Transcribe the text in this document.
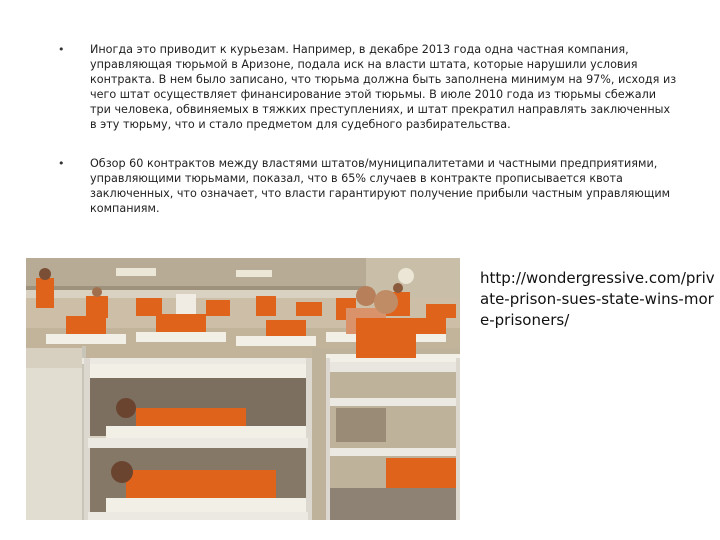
•	Иногда это приводит к курьезам. Например, в декабре 2013 года одна частная компания, управляющая тюрьмой в Аризоне, подала иск на власти штата, которые нарушили условия контракта. В нем было записано, что тюрьма должна быть заполнена минимум на 97%, исходя из чего штат осуществляет финансирование этой тюрьмы. В июле 2010 года из тюрьмы сбежали три человека, обвиняемых в тяжких преступлениях, и штат прекратил направлять заключенных в эту тюрьму, что и стало предметом для судебного разбирательства.
•	Обзор 60 контрактов между властями штатов/муниципалитетами и частными предприятиями, управляющими тюрьмами, показал, что в 65% случаев в контракте прописывается квота заключенных, что означает, что власти гарантируют получение прибыли частным управляющим компаниям.
http://wondergressive.com/private-prison-sues-state-wins-more-prisoners/
